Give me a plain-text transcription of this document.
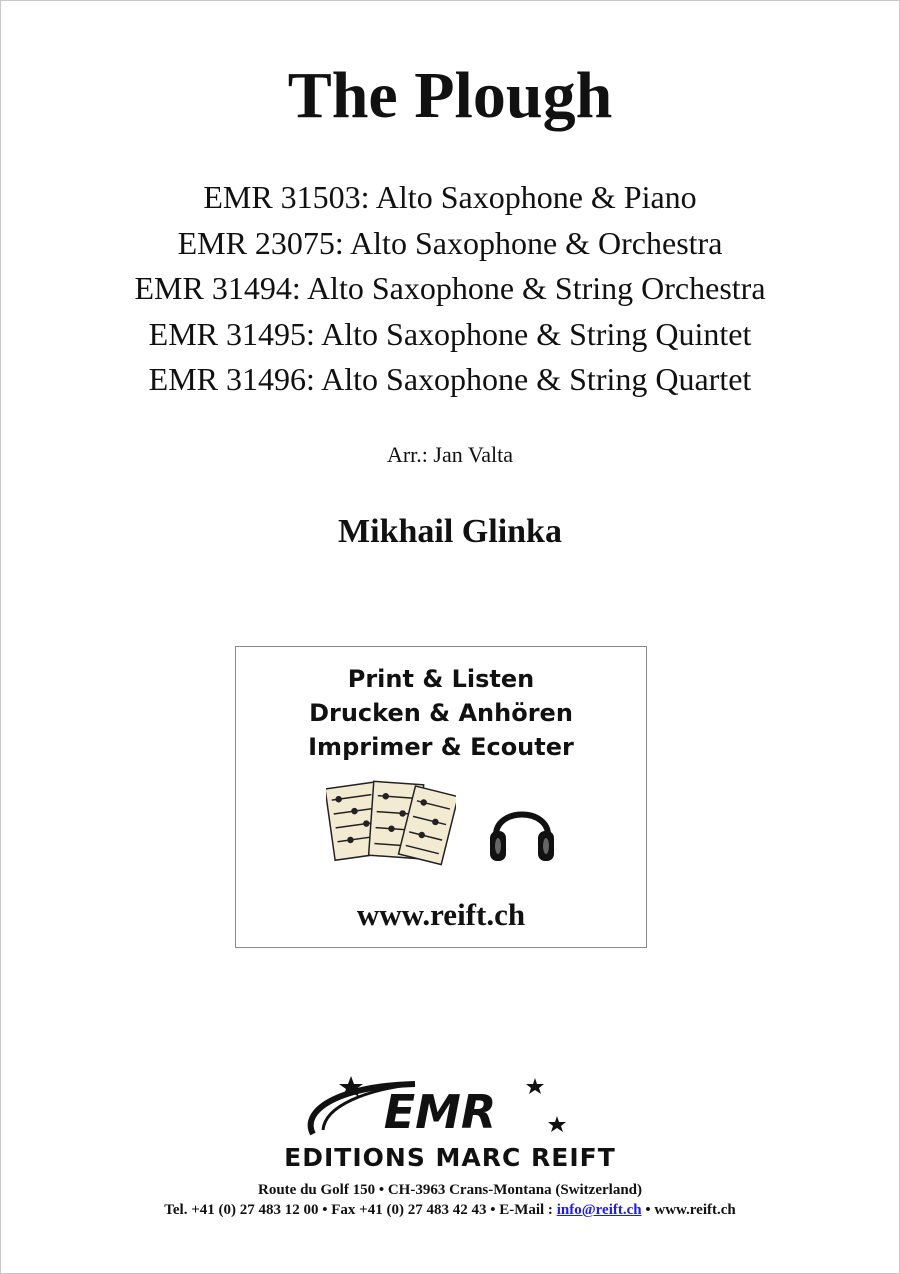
The Plough
EMR 31503: Alto Saxophone & Piano
EMR 23075: Alto Saxophone & Orchestra
EMR 31494: Alto Saxophone & String Orchestra
EMR 31495: Alto Saxophone & String Quintet
EMR 31496: Alto Saxophone & String Quartet
Arr.: Jan Valta
Mikhail Glinka
Print & Listen
Drucken & Anhören
Imprimer & Ecouter
www.reift.ch
EMR
EDITIONS MARC REIFT
Route du Golf 150 • CH-3963 Crans-Montana (Switzerland)
Tel. +41 (0) 27 483 12 00 • Fax +41 (0) 27 483 42 43 • E-Mail : info@reift.ch • www.reift.ch
